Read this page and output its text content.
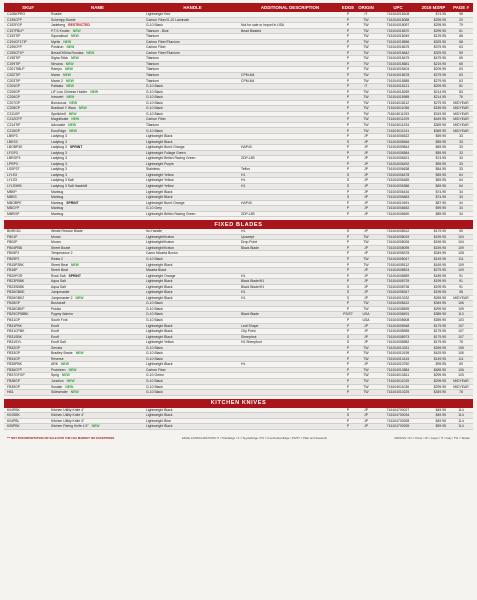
SKU#	NAME	HANDLE	ADDITIONAL DESCRIPTION	EDGE ORIGIN	UPC	2016 MSRP	PAGE #
C10BKPRO	Roadie	Lightweight Red	P	IT	716104018108	$74.95	98
C195CFP	Schempp Bowie	Carbon Fiber/G-10 Laminate	P	TW	716104018088	$299.95	20
C192FGP	Jadeberg RESTRICTED	G-10 Black	Not for sale or import in USA	P	TW	716104018097	$295.95	79
C197FBLP	P.T.S Kruder NEW	Titanium - Blue	Bead Blasted	P	TW	716104018670	$299.95	61
C193TIP	Squeaktool NEW	Titanium	P	TW	716104018049	$129.95	68
C194CF1TIP	Myrtle NEW	Carbon Fiber/Titanium	P	TW	716104018556	$329.95	68
C195CFP	Positron NEW	Carbon Fiber	P	TW	716104018675	$379.95	63
C195CF1P	BreadOfStria Rondea NEW	Carbon Fiber/Titanium	P	TW	716104018642	$329.95	59
C195TIP	Sigha Stick NEW	Titanium	P	TW	716104018479	$479.95	69
C199TIP	Nirvana NEW	Titanium	P	TW	716104018681	$219.95	65
C201TIBLP	Rampo NEW	Titanium	P	TW	716104018404	$209.95	63
C202TIP	Manix NEW	Titanium	CPM-M4	P	TW	716104018678	$279.95	63
C203TIP	Manix 2 NEW	Titanium	CPM-M4	P	TW	716104018585	$279.95	63
C204GP	Paltasia NEW	G-10 Black	P	IT	716104018121	$209.95	81
C205GP	LiF Low Chinese Holder NEW	G-10 Black	P	TW	716104018269	$214.95	83
C206GP	Introvert NEW	G-10 Black	P	TW	716104018985	$214.95	76
C207GP	Bonduous NEW	G-10 Black	P	TW	716104018112	$279.95	MIDYEAR
C208GP	Bradbarl Y Waru NEW	G-10 Black	P	TW	716104011056	$189.95	MIDYEAR
C211GP	Spellchelf NEW	G-10 Black	P	TW	716104011193	$319.95	MIDYEAR
C212CFP	Magnificate NEW	Carbon Fiber	P	TW	716104011209	$449.95	MIDYEAR
C214TIP	Advocate NEW	Titanium	P	TW	716104011234	$369.95	MIDYEAR
C215GP	EuroEdge NEW	G-10 Black	P	TW	716104011241	$369.95	MIDYEAR
LBKP3	Ladybug 3	Lightweight Black	P	JP	716104006522	$59.95	33
LBKS3	Ladybug 3	Lightweight Black	S	JP	716104006546	$59.95	33
LBOBP3E	Ladybug 3 SPRINT	Lightweight Burnt Orange	HAP40	P	JP	716104009844	$69.95	33
LFGP3	Ladybug 3	Lightweight Foliage Green	P	JP	716104006584	$59.95	33
LBRGP3	Ladybug 3	Lightweight British Racing Green	ZDP-189	P	JP	716104006621	$74.95	33
LPRP3	Ladybug 3	Lightweight Purple	P	JP	716104006492	$59.95	33
LSSP3T	Ladybug 3	Stainless	Teflon	P	JP	716104006638	$84.95	33
LYLS3	Ladybug 3	Lightweight Yellow	H1	S	JP	716104006478	$69.95	64
LYLS3	Ladybug 3 Salt	Lightweight Yellow	H1	S	JP	716104006485	$69.95	64
LYLS3HB	Ladybug 3 Salt Hawkbill	Lightweight Yellow	H1	S	JP	716104006386	$69.95	64
MBKP	Manbug	Lightweight Black	P	JP	716104006416	$74.95	34
MBKS	Manbug	Lightweight Black	S	JP	716104006683	$74.95	34
MBOBPE	Manbug SPRINT	Lightweight Burnt Orange	HAP40	P	JP	716104010491	$87.95	34
MBGYP	Manbug	G-10 Grey	P	JP	716104006652	$99.95	34
MBRGP	Manbug	Lightweight British Racing Green	ZDP-189	P	JP	716104006690	$89.95	34
FIXED BLADES
BNRGS1	Whale Rescue Blade	No Handle	H1	S	JP	716104008512	$179.95	55
FB01P	Moran	Lightweight/Kraton	Upswept	P	TW	716104008019	$159.95	104
FB02P	Moran	Lightweight/Kraton	Drop Point	P	TW	716104008026	$159.95	104
FB04PBB	Street Bowie	Lightweight/Kraton	Black Blade	P	JP	716104008095	$159.95	109
FB05P2	Temperance 2	Camo Micarta Brown	P	JP	716104008378	$349.95	108
FB09P2	Reata 2	G-10 Black	P	TW	716104008047	$149.95	111
FB15P2BK	Street Beat NEW	Lightweight Black	P	TW	716104008112	$169.95	109
FB16P	Street Beat	Micarta Black	P	JP	716104008524	$279.95	109
FB20POR	Rock Salt SPRINT	Lightweight Orange	H1	P	JP	716104008859	$189.95	91
FB23PBBK	Aqua Salt	Lightweight Black	Black Blade/H1	P	JP	716104008729	$199.95	91
FB23SBBK	Aqua Salt	Lightweight Black	Black Blade/H1	S	JP	716104008736	$199.95	91
FB26GBKE	Jumpmaster	Lightweight Black	H1	S	JP	716104008347	$199.95	98
FB26GBK2	Jumpmaster 2 NEW	Lightweight Black	H1	S	JP	716104010232	$269.95	MIDYEAR
FB28GP	Bushcraft	G-10 Black	P	TW	716104008422	$349.95	106
FB28GBKP	Pukiko	G-10 Black	P	TW	716104008595	$299.95	109
FB29GP5BBK	Pygmy Warrior	G-10 Black	Black Blade	PS/ST	USA	716104008491	$389.95	110
FB31GP	South Fork	G-10 Black	P	USA	716104008608	$359.95	103
FB31PBK	Enuff	Lightweight Black	Leaf Shape	P	JP	716104008948	$179.95	107
FB31CPBK	Enuff	Lightweight Black	Clip Point	P	JP	716104008955	$179.95	107
FB31SBK	Enuff	Lightweight Black	Sheepfoot	S	JP	716104008973	$179.95	107
FB31SYL	Enuff Salt	Lightweight Yellow	H1 Sheepfoot	S	JP	716104008982	$179.95	78
FB32GP	Serrata	G-10 Black	P	TW	716104010331	$269.95	105
FB33GP	Bradley Bowie NEW	G-10 Black	P	TW	716104010195	$429.95	105
FB34GP	Reverse	G-10 Black	P	TW	716104010415	$149.95	111
FB35PBK	ARK NEW	Lightweight Black	H1	P	JP	716104010750	$99.95	69
FB36CFP	Proteleen NEW	Carbon Fiber	P	TW	716104010884	$489.95	106
FB37GFGP	Sprig NEW	G-10 Green	P	TW	716104010811	$299.95	103
FB38GP	Junction NEW	G-10 Black	P	TW	716104011025	$299.95	MIDYEAR
FB39GP	Sustain NEW	G-10 Black	P	TW	716104011036	$299.95	MIDYEAR
HB1	Sidewinder NEW	G-10 Black	P	TW	716104010225	$349.95	78
KITCHEN KNIVES
K04PBK	Kitchen Utility Knife 4"	Lightweight Black	P	JP	716104700027	$49.95	114
K04SBK	Kitchen Utility Knife 4"	Lightweight Black	S	JP	716104700034	$49.95	114
K04PBL	Kitchen Utility Knife 4"	Lightweight Blue	P	JP	716104700928	$49.95	114
K05PBK	Kitchen Paring Knife 4.5" NEW	Lightweight Black	P	JP	716104700935	$59.95	114
*** NOT FOR IMPORTATION OR SALE INTO THE USA MARKET. NO EXCEPTIONS.	EDGE CONFIGURATIONS: P = PlainEdge / S = SpyderEdge / PS = CombinationEdge / PS/ST = Plain and Sawtooth	ORIGINS: CN = China / JP = Japan / IT = Italy / TW = Taiwan
